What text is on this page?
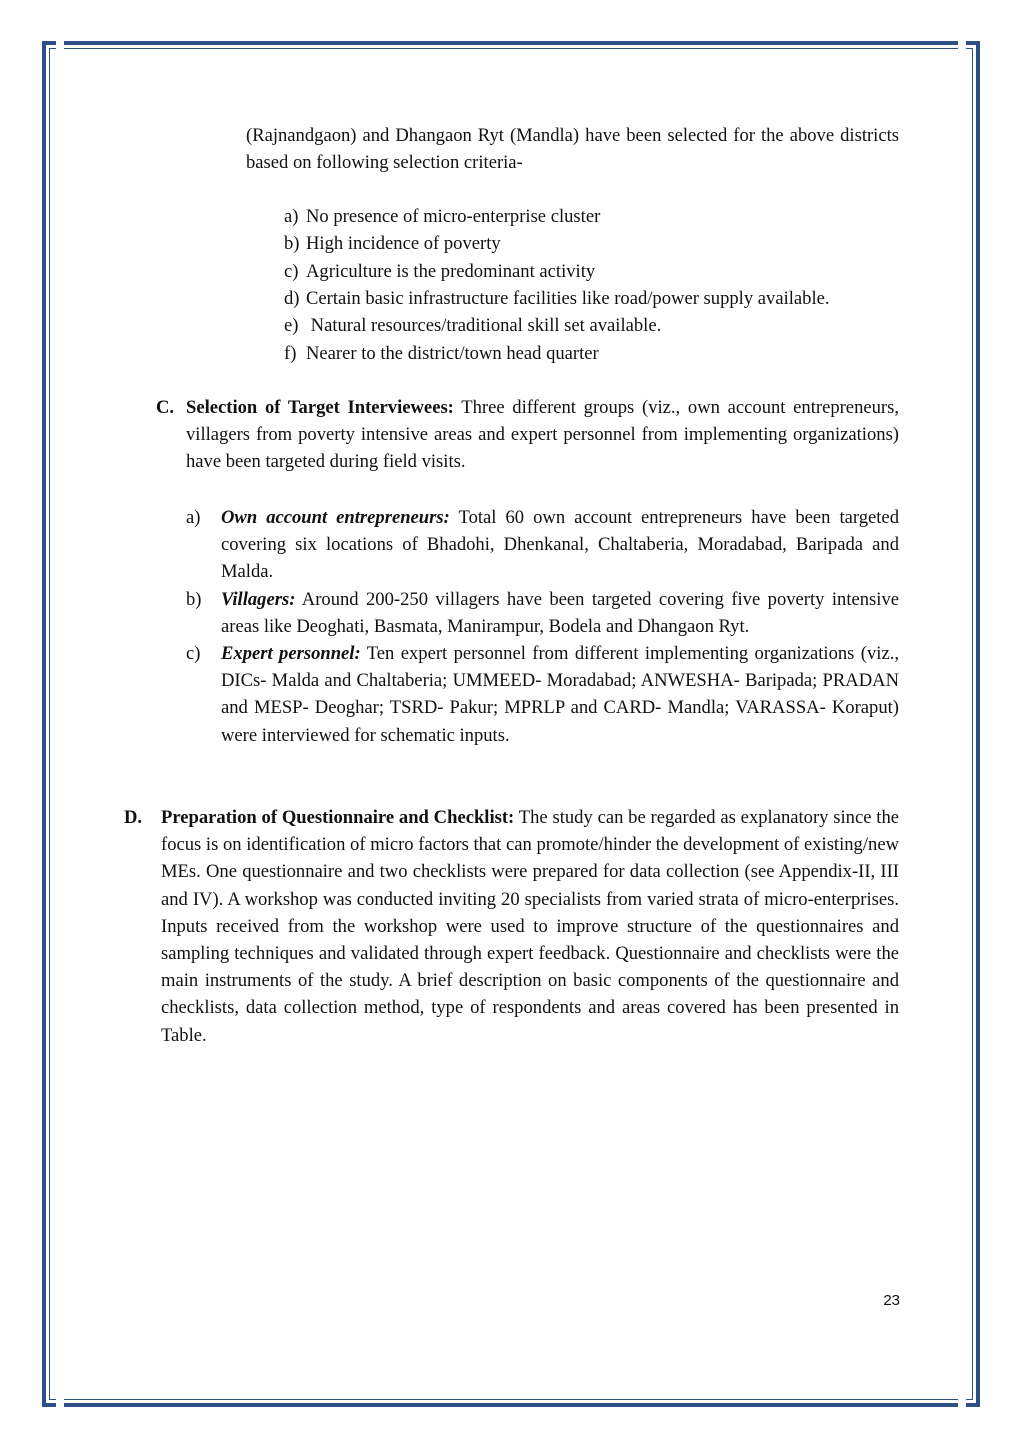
(Rajnandgaon) and Dhangaon Ryt (Mandla) have been selected for the above districts based on following selection criteria-
a) No presence of micro-enterprise cluster
b) High incidence of poverty
c) Agriculture is the predominant activity
d) Certain basic infrastructure facilities like road/power supply available.
e) Natural resources/traditional skill set available.
f) Nearer to the district/town head quarter
C. Selection of Target Interviewees: Three different groups (viz., own account entrepreneurs, villagers from poverty intensive areas and expert personnel from implementing organizations) have been targeted during field visits.
a) Own account entrepreneurs: Total 60 own account entrepreneurs have been targeted covering six locations of Bhadohi, Dhenkanal, Chaltaberia, Moradabad, Baripada and Malda.
b) Villagers: Around 200-250 villagers have been targeted covering five poverty intensive areas like Deoghati, Basmata, Manirampur, Bodela and Dhangaon Ryt.
c) Expert personnel: Ten expert personnel from different implementing organizations (viz., DICs- Malda and Chaltaberia; UMMEED- Moradabad; ANWESHA- Baripada; PRADAN and MESP- Deoghar; TSRD- Pakur; MPRLP and CARD- Mandla; VARASSA- Koraput) were interviewed for schematic inputs.
D. Preparation of Questionnaire and Checklist: The study can be regarded as explanatory since the focus is on identification of micro factors that can promote/hinder the development of existing/new MEs. One questionnaire and two checklists were prepared for data collection (see Appendix-II, III and IV). A workshop was conducted inviting 20 specialists from varied strata of micro-enterprises. Inputs received from the workshop were used to improve structure of the questionnaires and sampling techniques and validated through expert feedback. Questionnaire and checklists were the main instruments of the study. A brief description on basic components of the questionnaire and checklists, data collection method, type of respondents and areas covered has been presented in Table.
23
